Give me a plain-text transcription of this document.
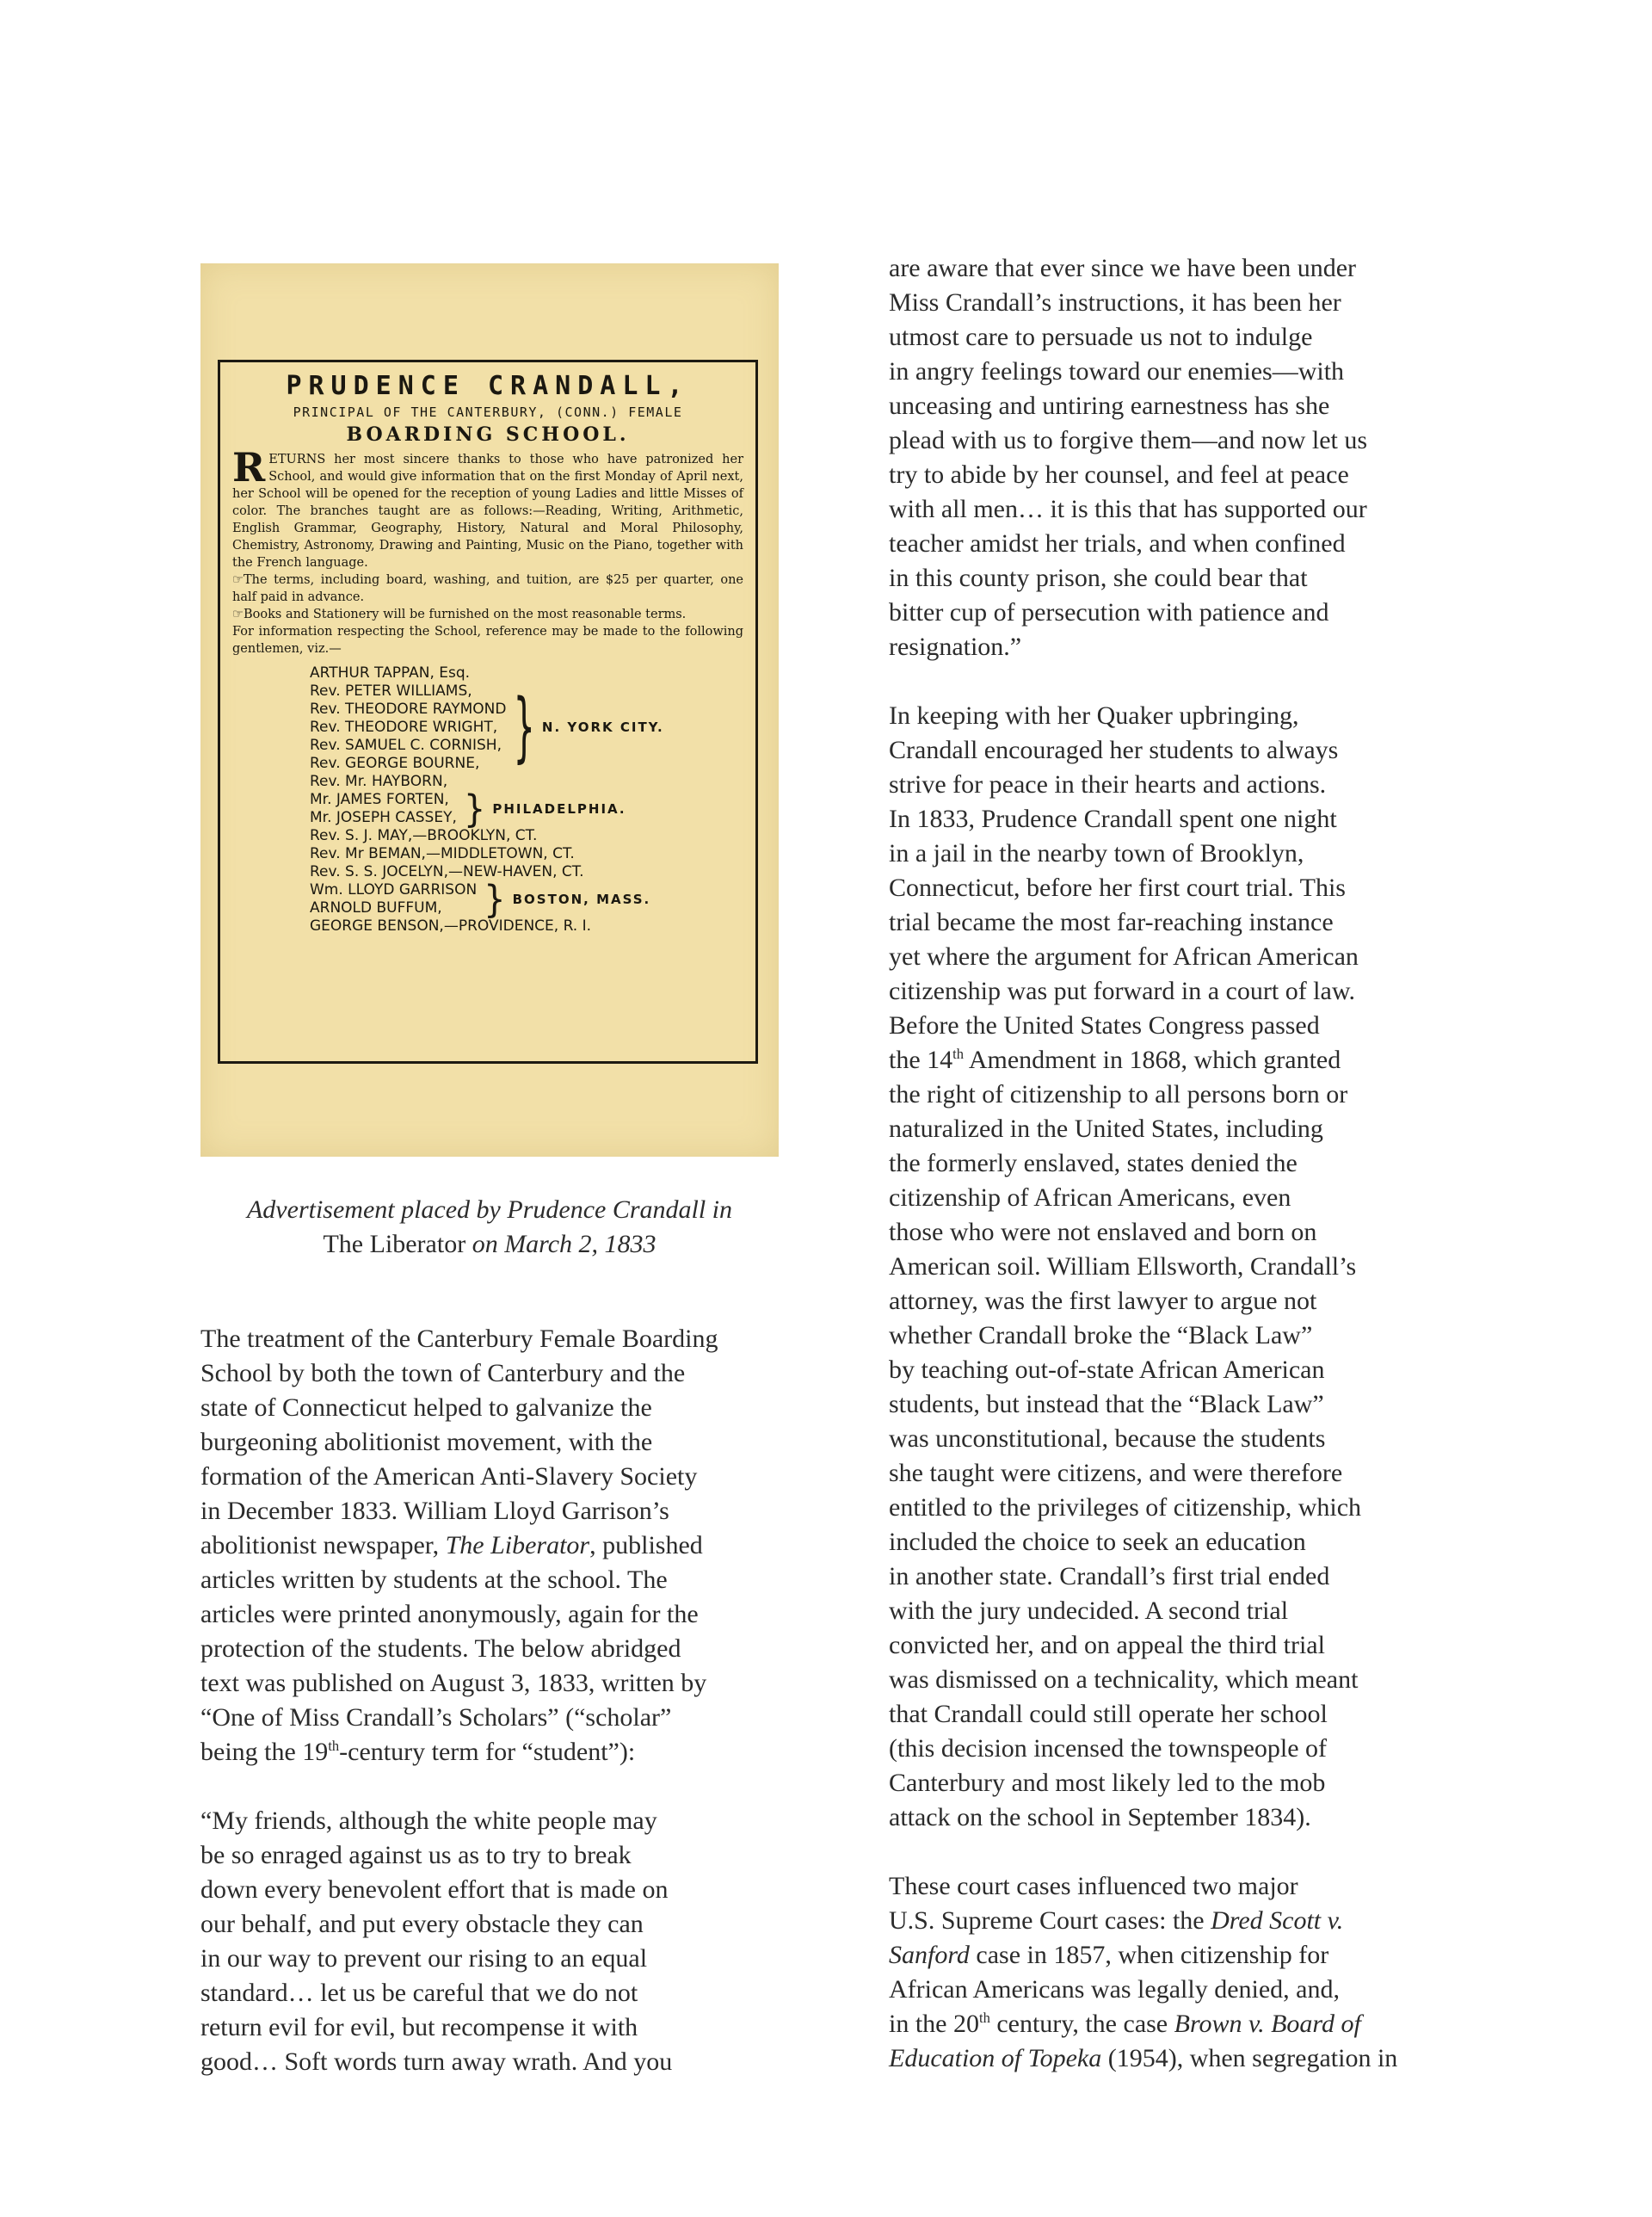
PRUDENCE CRANDALL,
PRINCIPAL OF THE CANTERBURY, (CONN.) FEMALE
BOARDING SCHOOL.

RETURNS her most sincere thanks to those who have patronized her School, and would give information that on the first Monday of April next, her School will be opened for the reception of young Ladies and little Misses of color. The branches taught are as follows:—Reading, Writing, Arithmetic, English Grammar, Geography, History, Natural and Moral Philosophy, Chemistry, Astronomy, Drawing and Painting, Music on the Piano, together with the French language.

☞The terms, including board, washing, and tuition, are $25 per quarter, one half paid in advance.

☞Books and Stationery will be furnished on the most reasonable terms.

For information respecting the School, reference may be made to the following gentlemen, viz.—

ARTHUR TAPPAN, Esq.
Rev. PETER WILLIAMS,
Rev. THEODORE RAYMOND
Rev. THEODORE WRIGHT,
Rev. SAMUEL C. CORNISH,
Rev. GEORGE BOURNE,
Rev. Mr. HAYBORN,
} N. YORK CITY.
Mr. JAMES FORTEN,
Mr. JOSEPH CASSEY, } PHILADELPHIA.
Rev. S. J. MAY,—BROOKLYN, CT.
Rev. Mr BEMAN,—MIDDLETOWN, CT.
Rev. S. S. JOCELYN,—NEW-HAVEN, CT.
Wm. LLOYD GARRISON
ARNOLD BUFFUM,	} BOSTON, MASS.
GEORGE BENSON,—PROVIDENCE, R. I.
Advertisement placed by Prudence Crandall in
The Liberator on March 2, 1833

The treatment of the Canterbury Female Boarding
School by both the town of Canterbury and the
state of Connecticut helped to galvanize the
burgeoning abolitionist movement, with the
formation of the American Anti-Slavery Society
in December 1833. William Lloyd Garrison’s
abolitionist newspaper, The Liberator, published
articles written by students at the school. The
articles were printed anonymously, again for the
protection of the students. The below abridged
text was published on August 3, 1833, written by
“One of Miss Crandall’s Scholars” (“scholar”
being the 19th-century term for “student”):

“My friends, although the white people may
be so enraged against us as to try to break
down every benevolent effort that is made on
our behalf, and put every obstacle they can
in our way to prevent our rising to an equal
standard… let us be careful that we do not
return evil for evil, but recompense it with
good… Soft words turn away wrath. And you

are aware that ever since we have been under
Miss Crandall’s instructions, it has been her
utmost care to persuade us not to indulge
in angry feelings toward our enemies—with
unceasing and untiring earnestness has she
plead with us to forgive them—and now let us
try to abide by her counsel, and feel at peace
with all men… it is this that has supported our
teacher amidst her trials, and when confined
in this county prison, she could bear that
bitter cup of persecution with patience and
resignation.”

In keeping with her Quaker upbringing,
Crandall encouraged her students to always
strive for peace in their hearts and actions.
In 1833, Prudence Crandall spent one night
in a jail in the nearby town of Brooklyn,
Connecticut, before her first court trial. This
trial became the most far-reaching instance
yet where the argument for African American
citizenship was put forward in a court of law.
Before the United States Congress passed
the 14th Amendment in 1868, which granted
the right of citizenship to all persons born or
naturalized in the United States, including
the formerly enslaved, states denied the
citizenship of African Americans, even
those who were not enslaved and born on
American soil. William Ellsworth, Crandall’s
attorney, was the first lawyer to argue not
whether Crandall broke the “Black Law”
by teaching out-of-state African American
students, but instead that the “Black Law”
was unconstitutional, because the students
she taught were citizens, and were therefore
entitled to the privileges of citizenship, which
included the choice to seek an education
in another state. Crandall’s first trial ended
with the jury undecided. A second trial
convicted her, and on appeal the third trial
was dismissed on a technicality, which meant
that Crandall could still operate her school
(this decision incensed the townspeople of
Canterbury and most likely led to the mob
attack on the school in September 1834).

These court cases influenced two major
U.S. Supreme Court cases: the Dred Scott v.
Sanford case in 1857, when citizenship for
African Americans was legally denied, and,
in the 20th century, the case Brown v. Board of
Education of Topeka (1954), when segregation in
